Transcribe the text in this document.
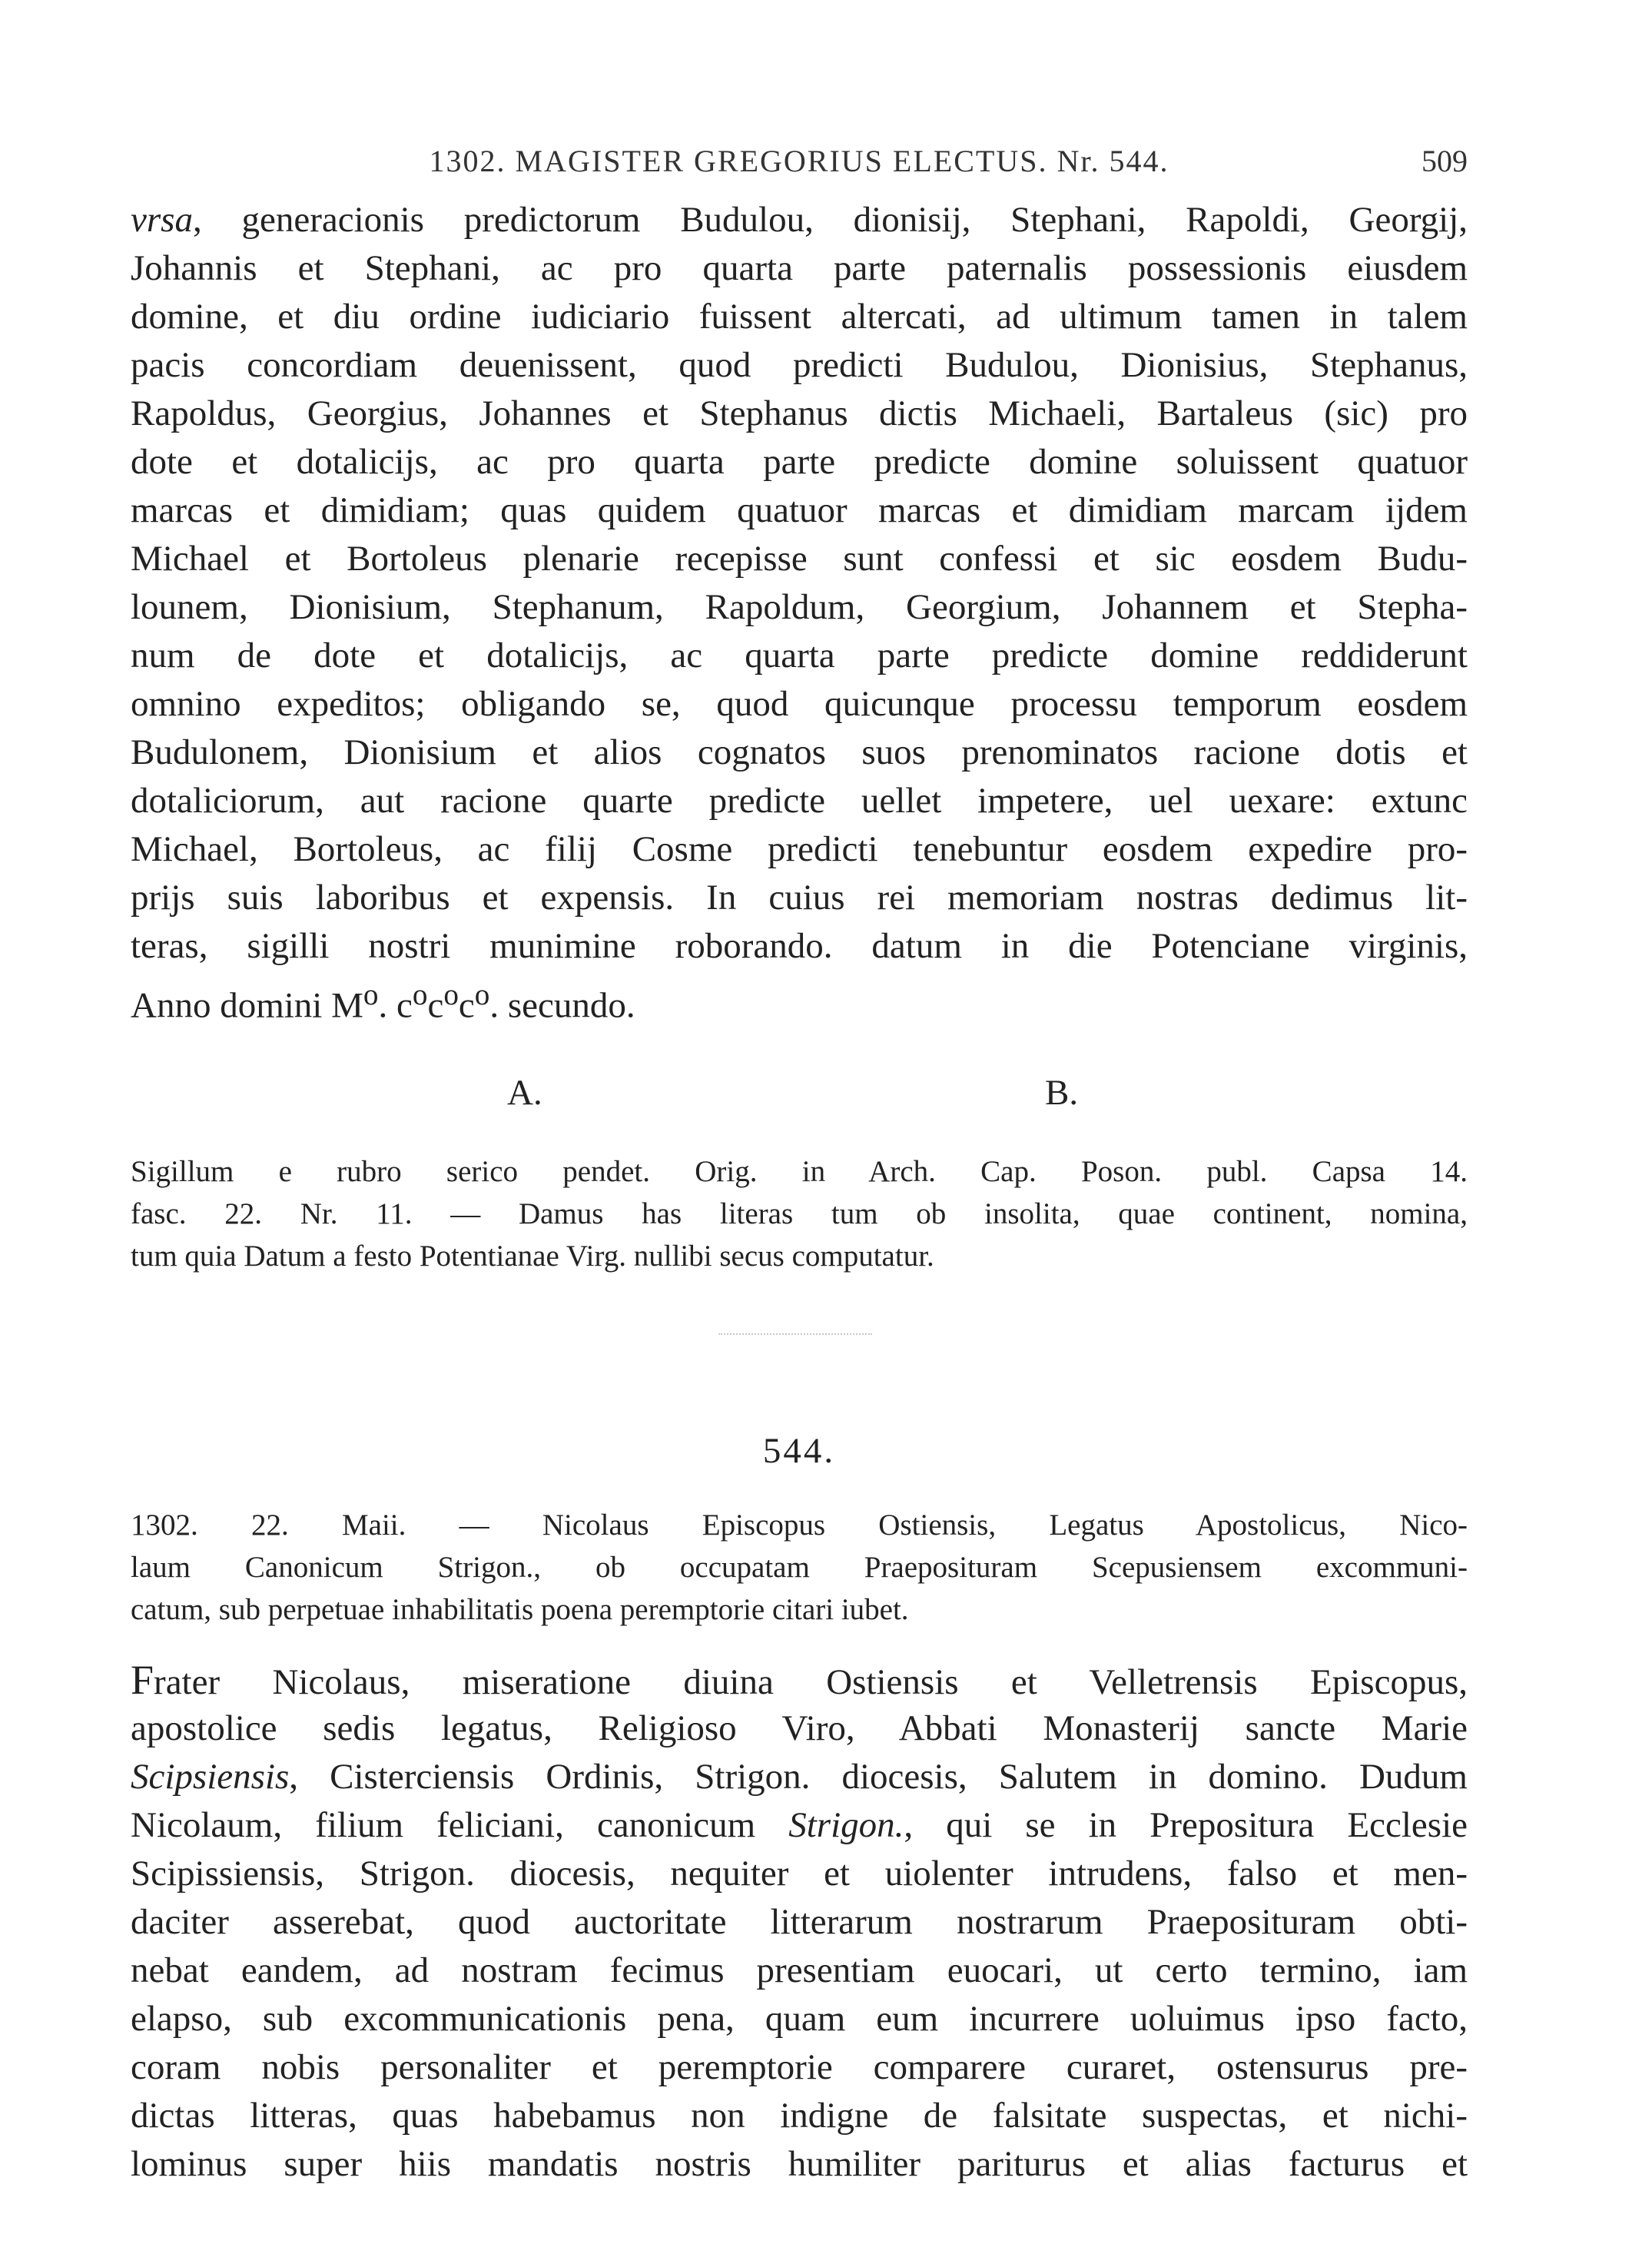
1302. MAGISTER GREGORIUS ELECTUS. Nr. 544.	509
vrsa, generacionis predictorum Budulou, dionisij, Stephani, Rapoldi, Georgij,
Johannis et Stephani, ac pro quarta parte paternalis possessionis eiusdem
domine, et diu ordine iudiciario fuissent altercati, ad ultimum tamen in talem
pacis concordiam deuenissent, quod predicti Budulou, Dionisius, Stephanus,
Rapoldus, Georgius, Johannes et Stephanus dictis Michaeli, Bartaleus (sic) pro
dote et dotalicijs, ac pro quarta parte predicte domine soluissent quatuor
marcas et dimidiam; quas quidem quatuor marcas et dimidiam marcam ijdem
Michael et Bortoleus plenarie recepisse sunt confessi et sic eosdem Budu-
lounem, Dionisium, Stephanum, Rapoldum, Georgium, Johannem et Stepha-
num de dote et dotalicijs, ac quarta parte predicte domine reddiderunt
omnino expeditos; obligando se, quod quicunque processu temporum eosdem
Budulonem, Dionisium et alios cognatos suos prenominatos racione dotis et
dotaliciorum, aut racione quarte predicte uellet impetere, uel uexare: extunc
Michael, Bortoleus, ac filij Cosme predicti tenebuntur eosdem expedire pro-
prijs suis laboribus et expensis. In cuius rei memoriam nostras dedimus lit-
teras, sigilli nostri munimine roborando. datum in die Potenciane virginis,
Anno domini $M^o$. $c^oc^oc^o$. secundo.
A.	B.
Sigillum e rubro serico pendet. Orig. in Arch. Cap. Poson. publ. Capsa 14.
fasc. 22. Nr. 11. — Damus has literas tum ob insolita, quae continent, nomina,
tum quia Datum a festo Potentianae Virg. nullibi secus computatur.
544.
1302. 22. Maii. — Nicolaus Episcopus Ostiensis, Legatus Apostolicus, Nico-
laum Canonicum Strigon., ob occupatam Praeposituram Scepusiensem excommuni-
catum, sub perpetuae inhabilitatis poena peremptorie citari iubet.
Frater Nicolaus, miseratione diuina Ostiensis et Velletrensis Episcopus,
apostolice sedis legatus, Religioso Viro, Abbati Monasterij sancte Marie
Scipsiensis, Cisterciensis Ordinis, Strigon. diocesis, Salutem in domino. Dudum
Nicolaum, filium feliciani, canonicum Strigon., qui se in Prepositura Ecclesie
Scipissiensis, Strigon. diocesis, nequiter et uiolenter intrudens, falso et men-
daciter asserebat, quod auctoritate litterarum nostrarum Praeposituram obti-
nebat eandem, ad nostram fecimus presentiam euocari, ut certo termino, iam
elapso, sub excommunicationis pena, quam eum incurrere uoluimus ipso facto,
coram nobis personaliter et peremptorie comparere curaret, ostensurus pre-
dictas litteras, quas habebamus non indigne de falsitate suspectas, et nichi-
lominus super hiis mandatis nostris humiliter pariturus et alias facturus et
